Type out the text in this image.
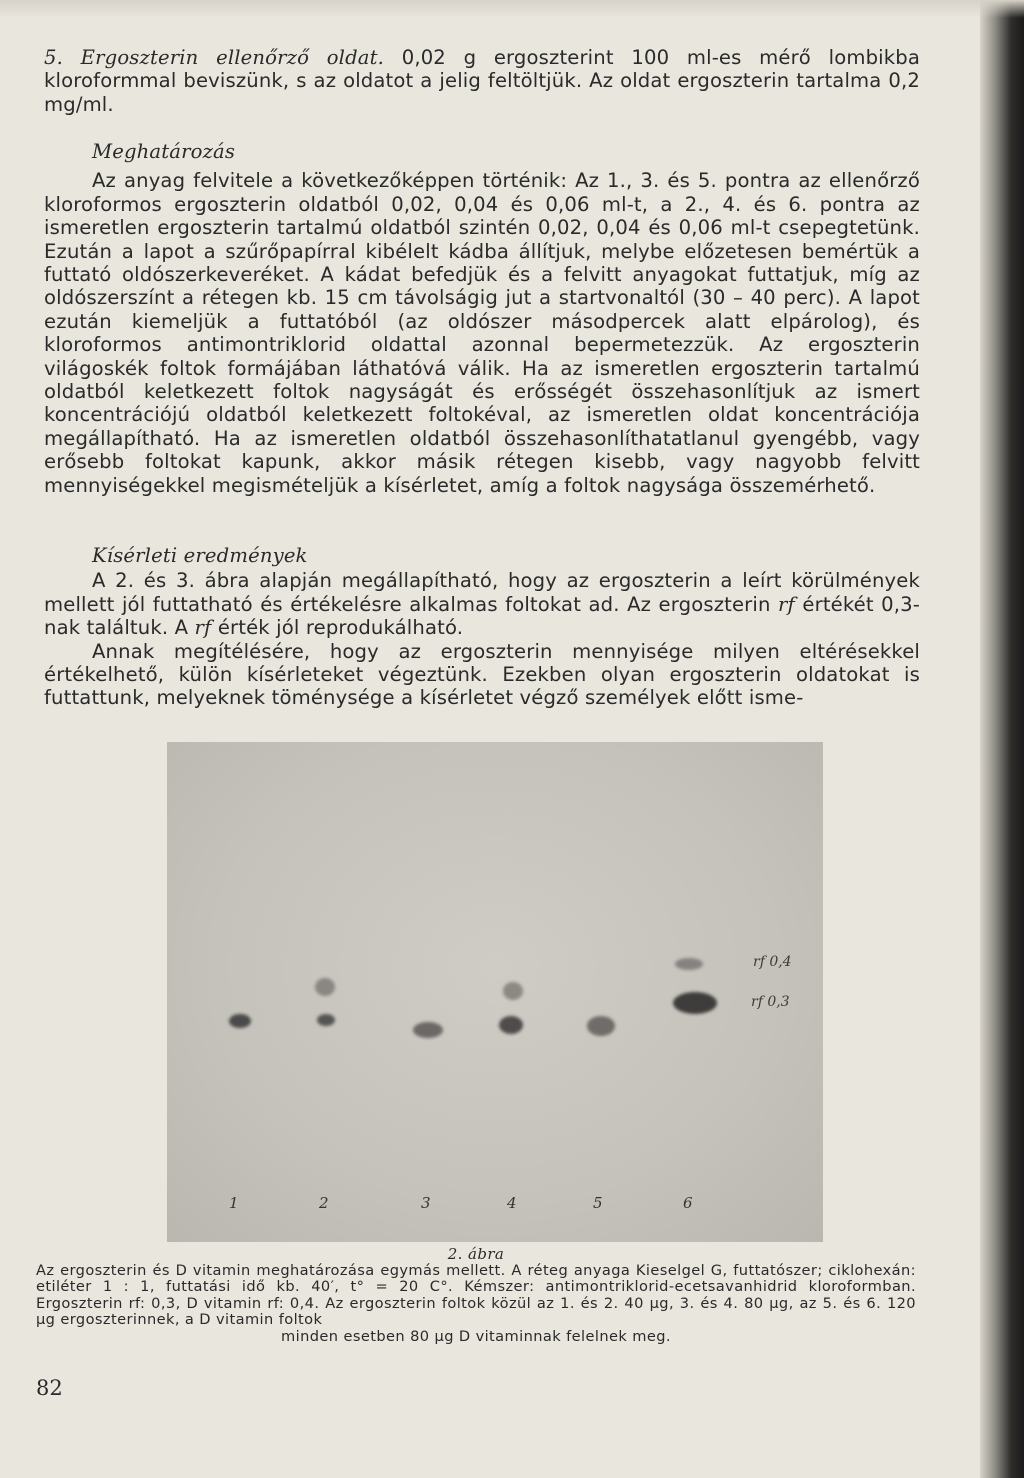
5. Ergoszterin ellenőrző oldat. 0,02 g ergoszterint 100 ml-es mérő lombikba kloroformmal beviszünk, s az oldatot a jelig feltöltjük. Az oldat ergoszterin tartalma 0,2 mg/ml.

Meghatározás

Az anyag felvitele a következőképpen történik: Az 1., 3. és 5. pontra az ellenőrző kloroformos ergoszterin oldatból 0,02, 0,04 és 0,06 ml-t, a 2., 4. és 6. pontra az ismeretlen ergoszterin tartalmú oldatból szintén 0,02, 0,04 és 0,06 ml-t csepegtetünk. Ezután a lapot a szűrőpapírral kibélelt kádba állítjuk, melybe előzetesen bemértük a futtató oldószerkeveréket. A kádat befedjük és a felvitt anyagokat futtatjuk, míg az oldószerszínt a rétegen kb. 15 cm távolságig jut a startvonaltól (30 – 40 perc). A lapot ezután kiemeljük a futtatóból (az oldószer másodpercek alatt elpárolog), és kloroformos antimontriklorid oldattal azonnal bepermetezzük. Az ergoszterin világoskék foltok formájában láthatóvá válik. Ha az ismeretlen ergoszterin tartalmú oldatból keletkezett foltok nagyságát és erősségét összehasonlítjuk az ismert koncentrációjú oldatból keletkezett foltokéval, az ismeretlen oldat koncentrációja megállapítható. Ha az ismeretlen oldatból összehasonlíthatatlanul gyengébb, vagy erősebb foltokat kapunk, akkor másik rétegen kisebb, vagy nagyobb felvitt mennyiségekkel megismételjük a kísérletet, amíg a foltok nagysága összemérhető.

Kísérleti eredmények

A 2. és 3. ábra alapján megállapítható, hogy az ergoszterin a leírt körülmények mellett jól futtatható és értékelésre alkalmas foltokat ad. Az ergoszterin rf értékét 0,3-nak találtuk. A rf érték jól reprodukálható.

Annak megítélésére, hogy az ergoszterin mennyisége milyen eltérésekkel értékelhető, külön kísérleteket végeztünk. Ezekben olyan ergoszterin oldatokat is futtattunk, melyeknek töménysége a kísérletet végző személyek előtt isme-

rf 0,4
rf 0,3
1	2	3	4	5	6
2. ábra
Az ergoszterin és D vitamin meghatározása egymás mellett. A réteg anyaga Kieselgel G, futtatószer; ciklohexán: etiléter 1 : 1, futtatási idő kb. 40′, t° = 20 C°. Kémszer: antimontriklorid-ecetsavanhidrid kloroformban. Ergoszterin rf: 0,3, D vitamin rf: 0,4. Az ergoszterin foltok közül az 1. és 2. 40 μg, 3. és 4. 80 μg, az 5. és 6. 120 μg ergoszterinnek, a D vitamin foltok
minden esetben 80 μg D vitaminnak felelnek meg.
82
